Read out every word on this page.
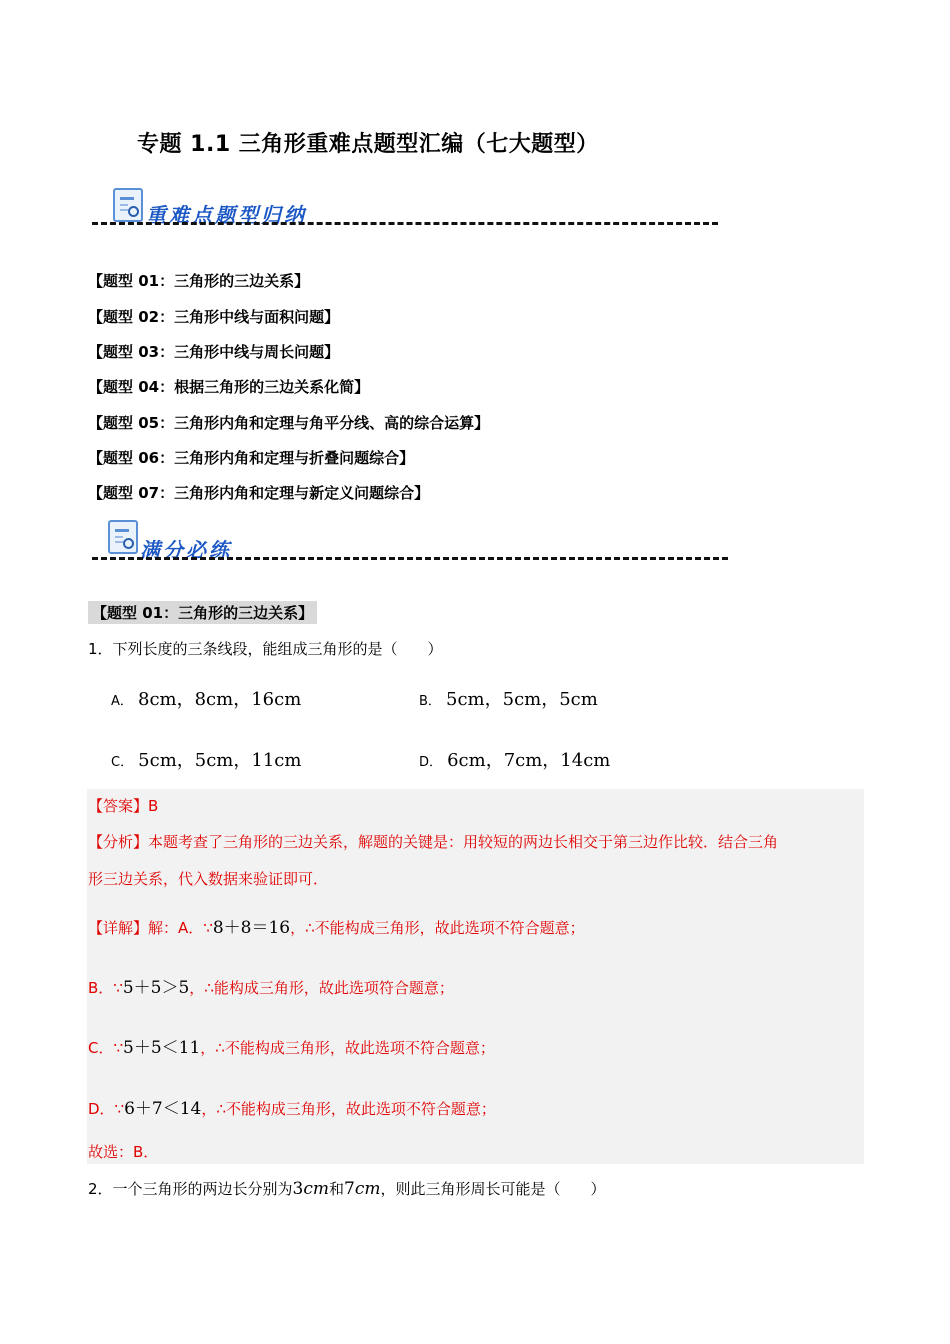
专题 1.1 三角形重难点题型汇编（七大题型）
重难点题型归纳
【题型 01：三角形的三边关系】
【题型 02：三角形中线与面积问题】
【题型 03：三角形中线与周长问题】
【题型 04：根据三角形的三边关系化简】
【题型 05：三角形内角和定理与角平分线、高的综合运算】
【题型 06：三角形内角和定理与折叠问题综合】
【题型 07：三角形内角和定理与新定义问题综合】
满分必练
【题型 01：三角形的三边关系】
1．下列长度的三条线段，能组成三角形的是（　　）
A． 8cm，8cm，16cm	B． 5cm，5cm，5cm
C． 5cm，5cm，11cm	D． 6cm，7cm，14cm
【答案】B
【分析】本题考查了三角形的三边关系，解题的关键是：用较短的两边长相交于第三边作比较．结合三角
形三边关系，代入数据来验证即可．
【详解】解：A．∵8＋8＝16，∴不能构成三角形，故此选项不符合题意；
B．∵5＋5＞5，∴能构成三角形，故此选项符合题意；
C．∵5＋5＜11，∴不能构成三角形，故此选项不符合题意；
D．∵6＋7＜14，∴不能构成三角形，故此选项不符合题意；
故选：B．
2．一个三角形的两边长分别为3cm和7cm，则此三角形周长可能是（　　）
